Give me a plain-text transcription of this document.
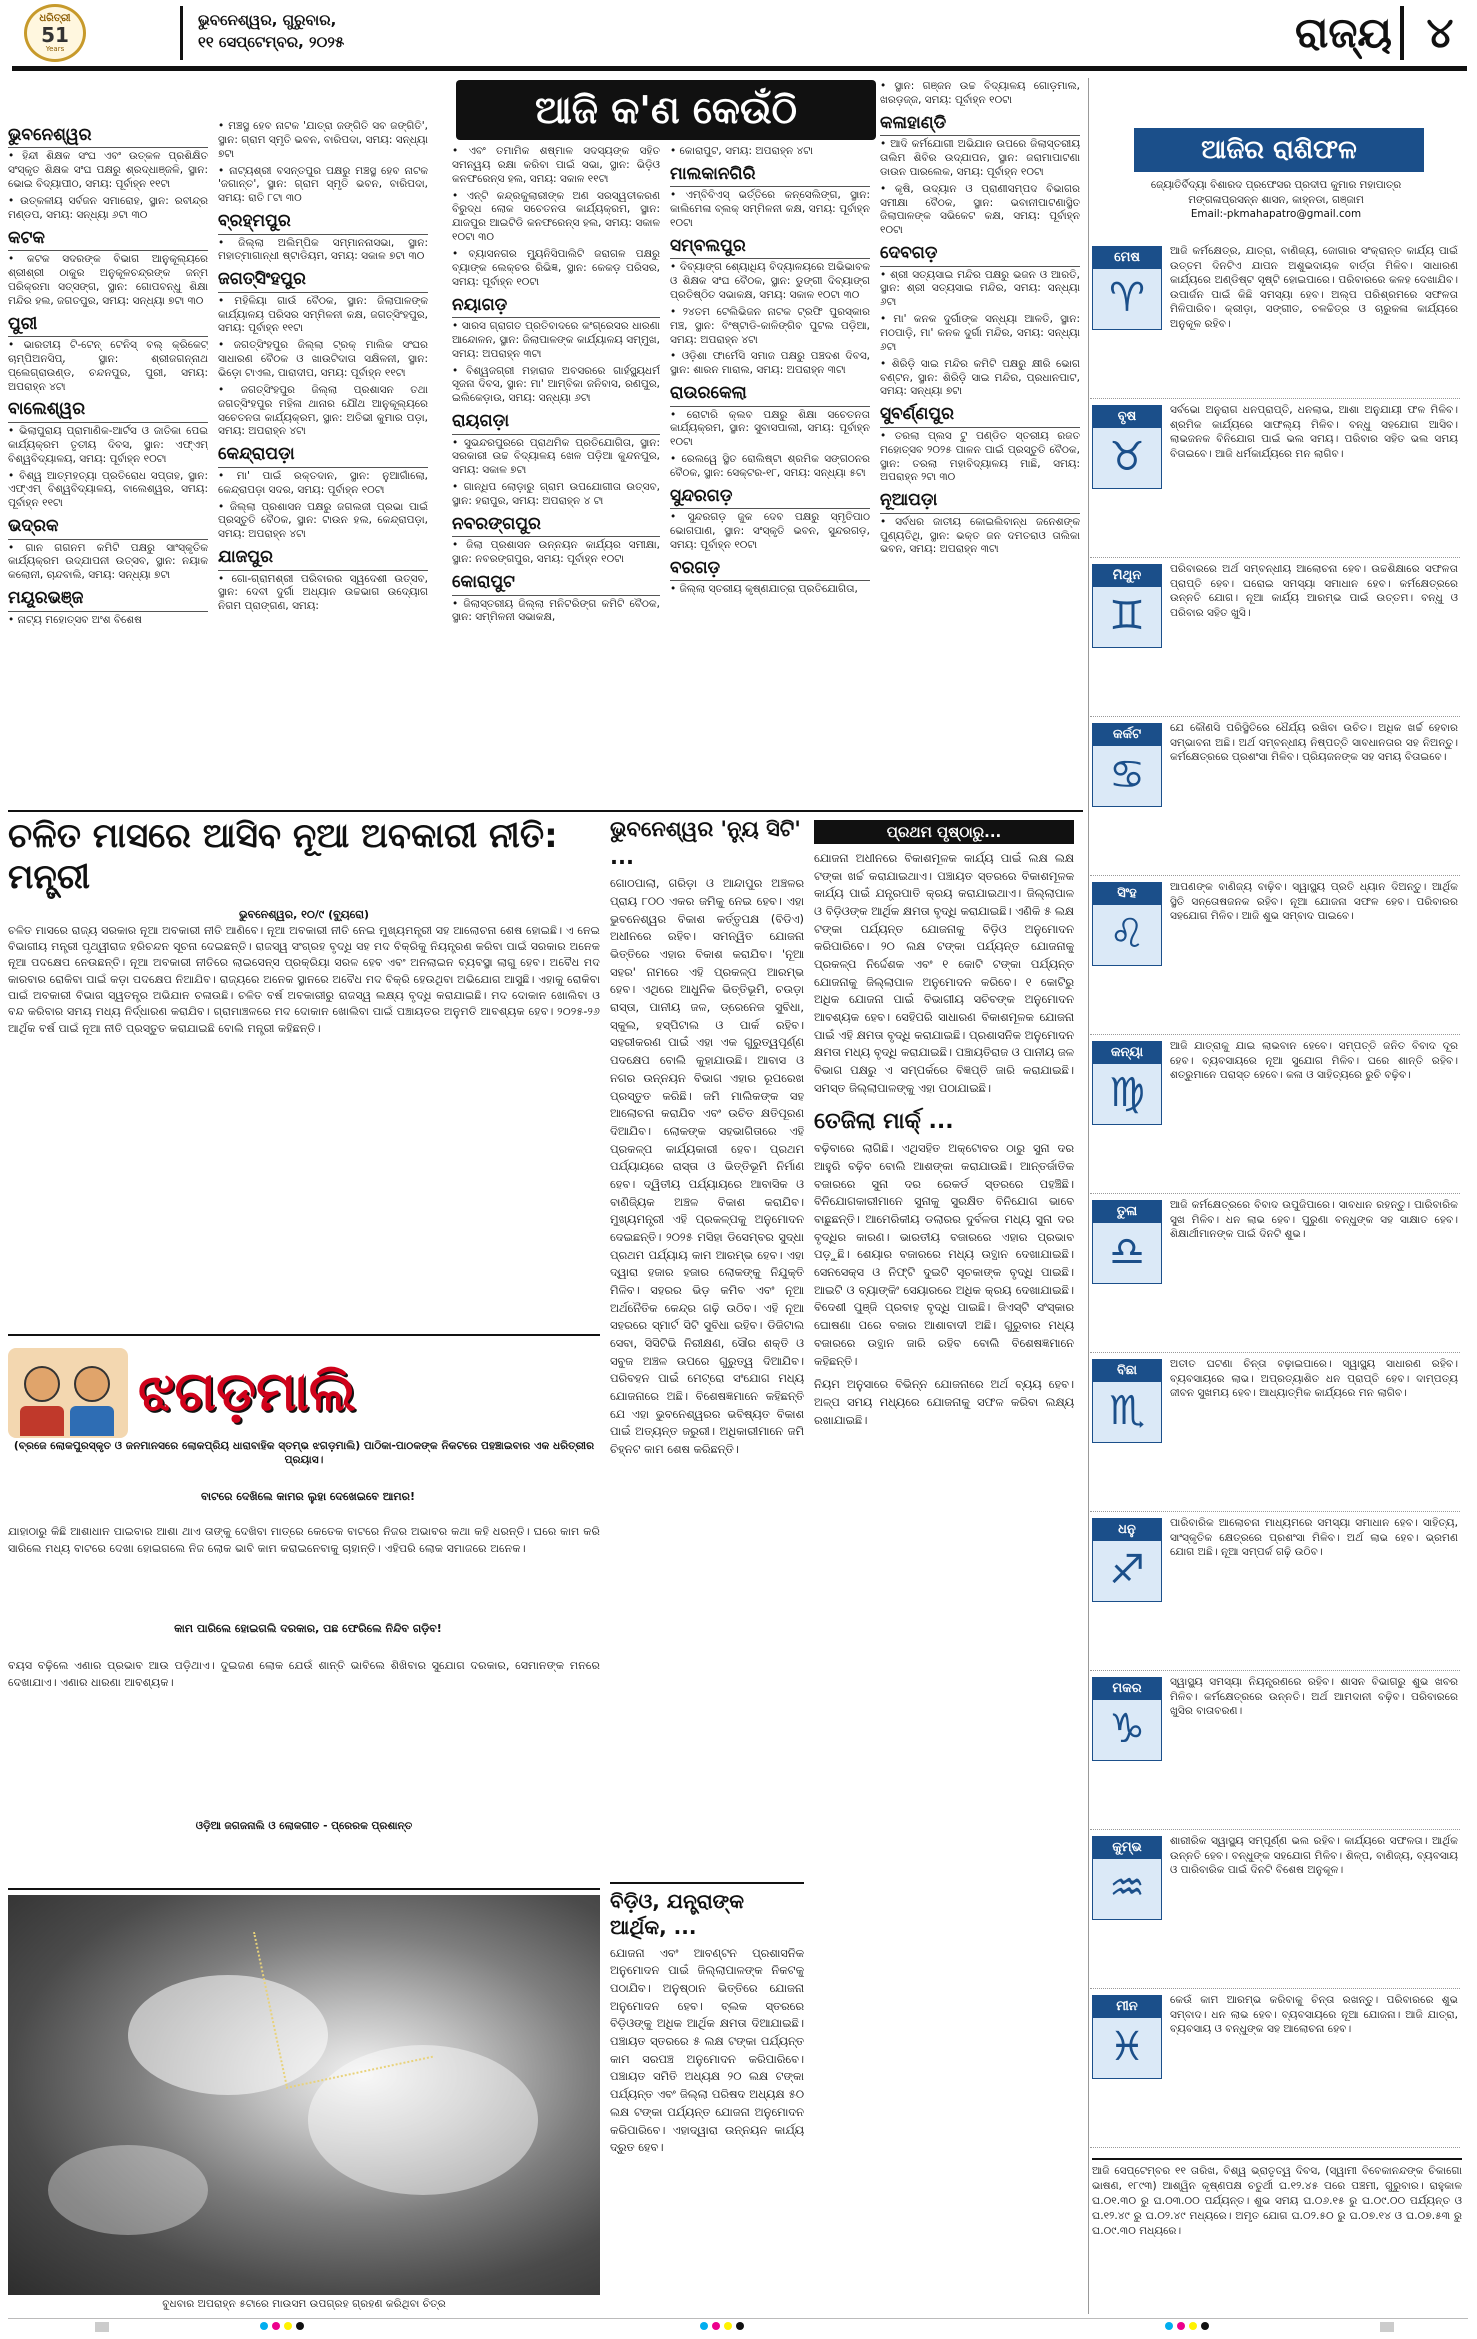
ଧରିତ୍ରୀ
51
Years
ଭୁବନେଶ୍ୱର, ଗୁରୁବାର,
୧୧ ସେପ୍ଟେମ୍ବର, ୨୦୨୫	ରାଜ୍ୟ ୪
ଆଜି କ'ଣ କେଉଁଠି
ଭୁବନେଶ୍ୱର
• ହିନ୍ଦୀ ଶିକ୍ଷକ ସଂଘ ଏବଂ ଉତ୍କଳ ପ୍ରଶିକ୍ଷିତ ସଂସ୍କୃତ ଶିକ୍ଷକ ସଂଘ ପକ୍ଷରୁ ଶ୍ରଦ୍ଧାଞ୍ଜଳି, ସ୍ଥାନ: ଭୋଇ ବିଦ୍ୟାପୀଠ, ସମୟ: ପୂର୍ବାହ୍ନ ୧୧ଟା
• ଉତ୍କଳୀୟ ସର୍ବଜନ ସମାରୋହ, ସ୍ଥାନ: ରବୀନ୍ଦ୍ର ମଣ୍ଡପ, ସମୟ: ସନ୍ଧ୍ୟା ୬ଟା ୩୦
କଟକ
• କଟକ ସଦରଙ୍କ ବିଭାଗ ଆନୁକୂଲ୍ୟରେ ଶ୍ରୀଶ୍ରୀ ଠାକୁର ଅନୁକୂଳଚନ୍ଦ୍ରଙ୍କ ଜନ୍ମ ପରିକ୍ରମା ସତ୍ସଙ୍ଗ, ସ୍ଥାନ: ଗୋପବନ୍ଧୁ ଶିକ୍ଷା ମନ୍ଦିର ହଲ, ଜଗତପୁର, ସମୟ: ସନ୍ଧ୍ୟା ୭ଟା ୩୦
ପୁରୀ
• ଭାରତୀୟ ଟି-ଟେନ୍ ଟେନିସ୍ ବଲ୍ କ୍ରିକେଟ୍ ଚାମ୍ପିଅନସିପ୍, ସ୍ଥାନ: ଶ୍ରୀଜଗନ୍ନାଥ ପ୍ଲେଗ୍ରାଉଣ୍ଡ, ଚନ୍ଦନପୁର, ପୁରୀ, ସମୟ: ଅପରାହ୍ନ ୪ଟା
ବାଲେଶ୍ୱର
• ଭିଲାପୁରାୟ ପ୍ରାମାଣିକ-ଆର୍ଟସ ଓ ଜାତିକା ପେଇ କାର୍ଯ୍ୟକ୍ରମ ତୃତୀୟ ଦିବସ, ସ୍ଥାନ: ଏଫ୍‌ଏମ୍ ବିଶ୍ୱବିଦ୍ୟାଳୟ, ସମୟ: ପୂର୍ବାହ୍ନ ୧୦ଟା
• ବିଶ୍ୱ ଆତ୍ମହତ୍ୟା ପ୍ରତିରୋଧ ସପ୍ତାହ, ସ୍ଥାନ: ଏଫ୍‌ଏମ୍ ବିଶ୍ୱବିଦ୍ୟାଳୟ, ବାଲେଶ୍ୱର, ସମୟ: ପୂର୍ବାହ୍ନ ୧୧ଟା
ଭଦ୍ରକ
• ଗାନ ଗଗନମ କମିଟି ପକ୍ଷରୁ ସାଂସ୍କୃତିକ କାର୍ଯ୍ୟକ୍ରମ ଉଦ୍‌ଯାପନୀ ଉତ୍ସବ, ସ୍ଥାନ: ନୟାକ କଲୋନୀ, ଚାନ୍ଦବାଲି, ସମୟ: ସନ୍ଧ୍ୟା ୭ଟା
ମୟୂରଭଞ୍ଜ
• ନାଟ୍ୟ ମହୋତ୍ସବ ଅଂଶ ବିଶେଷ
• ମଞ୍ଚସ୍ଥ ହେବ ନାଟକ 'ଯାତ୍ରା ଜଙ୍ଗିତି ସବ ଜଙ୍ଗିତି', ସ୍ଥାନ: ଗ୍ରାମ ସ୍ମୃତି ଭବନ, ବାରିପଦା, ସମୟ: ସନ୍ଧ୍ୟା ୭ଟା
• ନାଟ୍ୟଶ୍ରୀ ବସନ୍ତପୁର ପକ୍ଷରୁ ମଞ୍ଚସ୍ଥ ହେବ ନାଟକ 'ଜଗାନ୍ତ', ସ୍ଥାନ: ଗ୍ରାମ ସ୍ମୃତି ଭବନ, ବାରିପଦା, ସମୟ: ରାତି ୮ଟା ୩୦
ବ୍ରହ୍ମପୁର
• ଜିଲ୍ଲା ଅଲିମ୍ପିକ ସମ୍ମାନନାସଭା, ସ୍ଥାନ: ମହାତ୍ମାଗାନ୍ଧୀ ଷ୍ଟାଡିୟମ, ସମୟ: ସକାଳ ୭ଟା ୩୦
ଜଗତ୍‌ସିଂହପୁର
• ମହିଳିୟା ଗାଉଁ ବୈଠକ, ସ୍ଥାନ: ଜିଲାପାଳଙ୍କ କାର୍ଯ୍ୟାଳୟ ପରିସର ସମ୍ମିଳନୀ କକ୍ଷ, ଜଗତ୍‌ସିଂହପୁର, ସମୟ: ପୂର୍ବାହ୍ନ ୧୧ଟା
• ଜଗତ୍‌ସିଂହପୁର ଜିଲ୍ଲା ଟ୍ରକ୍ ମାଲିକ ସଂଘର ସାଧାରଣ ବୈଠକ ଓ ଖାଉଟିଦାତା ସକ୍ଷିଳନୀ, ସ୍ଥାନ: ଭିଡ଼ୋ ଟାଏଲ, ପାରାଦୀପ, ସମୟ: ପୂର୍ବାହ୍ନ ୧୧ଟା
• ଜଗତ୍‌ସିଂହପୁର ଜିଲ୍ଲା ପ୍ରଶାସନ ତଥା ଜଗତ୍‌ସିଂହପୁର ମହିଳା ଥାନାର ଯୌଥ ଆନୁକୂଲ୍ୟରେ ସଚେତନତା କାର୍ଯ୍ୟକ୍ରମ, ସ୍ଥାନ: ଅତିଭୀ କୁମାର ପଡ଼ା, ସମୟ: ଅପରାହ୍ନ ୪ଟା
କେନ୍ଦ୍ରାପଡ଼ା
• ମା' ପାଇଁ ରକ୍ତଦାନ, ସ୍ଥାନ: ନୁଆଗାଁଲୋ, କେନ୍ଦ୍ରାପଡ଼ା ସଦର, ସମୟ: ପୂର୍ବାହ୍ନ ୧୦ଟା
• ଜିଲ୍ଲା ପ୍ରଶାସନ ପକ୍ଷରୁ ଜଗଲଜୀ ପ୍ରଭା ପାଇଁ ପ୍ରସ୍ତୁତି ବୈଠକ, ସ୍ଥାନ: ଟାଉନ ହଲ, କେନ୍ଦ୍ରାପଡ଼ା, ସମୟ: ଅପରାହ୍ନ ୪ଟା
ଯାଜପୁର
• ଗୋ-ଗ୍ରାମଶ୍ରୀ ପରିବାରର ସ୍ୱଦେଶୀ ଉତ୍ସବ, ସ୍ଥାନ: ଦେବୀ ଦୁର୍ଗା ଅଧ୍ୟାନ ଉଚ୍ଚଭାଗ ଉଦ୍ୟୋଗ ନିଗମ ପ୍ରାଙ୍ଗଣ, ସମୟ:
• ଏବଂ ତମାମିକ ଶଷ୍ମାଳ ସଦସ୍ୟଙ୍କ ସହିତ ସମନ୍ୱୟ ରକ୍ଷା କରିବା ପାଇଁ ସଭା, ସ୍ଥାନ: ଭିଡ଼ିଓ କନଫରେନ୍ସ ହଲ, ସମୟ: ସକାଳ ୧୧ଟା
• ଏନ୍‌ଟି କନ୍ଦ୍ରକୁଲାରୀଙ୍କ ଅଣ ସରସ୍ୱତୀକରଣ ବିରୁଦ୍ଧ ଲୋକ ସଚେତନତା କାର୍ଯ୍ୟକ୍ରମ, ସ୍ଥାନ: ଯାଜପୁର ଆଇଟିଡି କନଫରେନ୍ସ ହଲ, ସମୟ: ସକାଳ ୧୦ଟା ୩୦
• ବ୍ୟାସନଗର ମ୍ୟୁନିସିପାଲିଟି ଜରାଗଳ ପକ୍ଷରୁ ବ୍ୟାଙ୍କ ଲେକ୍ଚର ରିଭିଜ୍ଞ, ସ୍ଥାନ: କେକଡ଼ ପରିସର, ସମୟ: ପୂର୍ବାହ୍ନ ୧୦ଟା
ନୟାଗଡ଼
• ସାରସ ଗ୍ରାଗତ ପ୍ରତିବାଦରେ କଂଗ୍ରେସର ଧାରଣା ଆନ୍ଦୋଳନ, ସ୍ଥାନ: ଜିଲାପାଳଙ୍କ କାର୍ଯ୍ୟାଳୟ ସମ୍ମୁଖ, ସମୟ: ଅପରାହ୍ନ ୩ଟା
• ବିଶ୍ୱଜଗ୍ରୀ ମହାରାଜ ଅବସରରେ ଗାର୍ହସ୍ଥ୍ୟଧର୍ମ ସୃଜନା ଦିବସ, ସ୍ଥାନ: ମା' ଆମ୍ବିକା ଜନିବାସ, ରଣପୁର, ଇଲିକେଡ଼ାଉ, ସମୟ: ସନ୍ଧ୍ୟା ୬ଟା
ରାୟଗଡ଼ା
• ସୁଭନ୍ଦରପୁରରେ ପ୍ରାଥମିକ ପ୍ରତିଯୋଗିତା, ସ୍ଥାନ: ସରକାରୀ ଉଚ୍ଚ ବିଦ୍ୟାଳୟ ଖେଳ ପଡ଼ିଆ କୁନ୍ଦନପୁର, ସମୟ: ସକାଳ ୭ଟା
• ଗାନ୍ଧିପ ଲୋଡ଼ାରୁ ଗ୍ରାମ ଉପଯୋଗୀତା ଉତ୍ସବ, ସ୍ଥାନ: ହରାପୁର, ସମୟ: ଅପରାହ୍ନ ୪ ଟା
ନବରଙ୍ଗପୁର
• ଜିଲା ପ୍ରଶାସନ ଉନ୍ନୟନ କାର୍ଯ୍ୟର ସମୀକ୍ଷା, ସ୍ଥାନ: ନବରଙ୍ଗପୁର, ସମୟ: ପୂର୍ବାହ୍ନ ୧୦ଟା
କୋରାପୁଟ
• ଜିଲାସ୍ତରୀୟ ଜିଲ୍ଲା ମନିଟରିଙ୍ଗ କମିଟି ବୈଠକ, ସ୍ଥାନ: ସମ୍ମିଳନୀ ସଭାକକ୍ଷ,
• କୋରାପୁଟ, ସମୟ: ଅପରାହ୍ନ ୪ଟା
ମାଲକାନଗିରି
• ଏମ୍‌ବିବିଏସ୍ ଭର୍ତ୍ତିରେ କନ୍ସେଲିଙ୍ଗ, ସ୍ଥାନ: କାଲିମେଳା ବ୍ଲକ୍ ସମ୍ମିଳନୀ କକ୍ଷ, ସମୟ: ପୂର୍ବାହ୍ନ ୧୦ଟା
ସମ୍ବଲପୁର
• ଦିବ୍ୟାଙ୍ଗ ଶ୍ୟୋଧିୟ ବିଦ୍ୟାଳୟରେ ଅଭିଭାବକ ଓ ଶିକ୍ଷକ ସଂଘ ବୈଠକ, ସ୍ଥାନ: ଡୁଙ୍ଗୀ ଦିବ୍ୟାଙ୍ଗ ପ୍ରତିଷ୍ଠିତ ସଭାକକ୍ଷ, ସମୟ: ସକାଳ ୧୦ଟା ୩୦
• ୨୪ତମ ଟେଲିଭିଜନ ନାଟକ ଟ୍ରଫି ପୁରସ୍କାର ମଞ୍ଚ, ସ୍ଥାନ: ବିଂଷ୍ଟାଡି-କାଳିଙ୍ଗିବ ପୁଟଲ ପଡ଼ିଆ, ସମୟ: ଅପରାହ୍ନ ୪ଟା
• ଓଡ଼ିଶା ଫାର୍ମେସି ସମାଜ ପକ୍ଷରୁ ପଞ୍ଚଦଶ ଦିବସ, ସ୍ଥାନ: ଶାରନ ମାରାଲ, ସମୟ: ଅପରାହ୍ନ ୩ଟା
ରାଉରକେଲା
• ରୋଟାରି କ୍ଲବ ପକ୍ଷରୁ ଶିକ୍ଷା ସଚେତନତା କାର୍ଯ୍ୟକ୍ରମ, ସ୍ଥାନ: ସୁବାସପାଲୀ, ସମୟ: ପୂର୍ବାହ୍ନ ୧୦ଟା
• ରେଲୱେ ସ୍ଥିତ ରୋଲିଷ୍ଟା ଶ୍ରମିକ ସଙ୍ଗଠନର ବୈଠକ, ସ୍ଥାନ: ସେକ୍ଟର-୧୮, ସମୟ: ସନ୍ଧ୍ୟା ୫ଟା
ସୁନ୍ଦରଗଡ଼
• ସୁନ୍ଦରଗଡ଼ ଜୁକ ଦେବ ପକ୍ଷରୁ ସ୍ମୃତିପାଠ ଭୋଗପାଣ, ସ୍ଥାନ: ସଂସ୍କୃତି ଭବନ, ସୁନ୍ଦରଗଡ଼, ସମୟ: ପୂର୍ବାହ୍ନ ୧୦ଟା
ବରଗଡ଼
• ଜିଲ୍ଲା ସ୍ତରୀୟ କୃଷ୍ଣଯାତ୍ରା ପ୍ରତିଯୋଗିତା,
• ସ୍ଥାନ: ଗଞ୍ଜନ ଉଚ୍ଚ ବିଦ୍ୟାଳୟ ଗୋଡ଼ମାଲ, ଖରଡ଼ଜ୍ଜ, ସମୟ: ପୂର୍ବାହ୍ନ ୧୦ଟା
କଳାହାଣ୍ଡି
• ଆଦି କର୍ମଯୋଗୀ ଅଭିଯାନ ଉପରେ ଜିଲାସ୍ତରୀୟ ତାଲିମ ଶିବିର ଉଦ୍‌ଯାପନ, ସ୍ଥାନ: ଜରାମାପାଟଣା ଡାଉନ ପାରଲେକ, ସମୟ: ପୂର୍ବାହ୍ନ ୧୦ଟା
• କୃଷି, ଉଦ୍ୟାନ ଓ ପ୍ରାଣୀସମ୍ପଦ ବିଭାଗର ସମୀକ୍ଷା ବୈଠକ, ସ୍ଥାନ: ଭବାନୀପାଟଣାସ୍ଥିତ ଜିଲାପାଳଙ୍କ ସଭିକେଟ କକ୍ଷ, ସମୟ: ପୂର୍ବାହ୍ନ ୧୦ଟା
ଦେବଗଡ଼
• ଶ୍ରୀ ସତ୍ୟସାଇ ମନ୍ଦିର ପକ୍ଷରୁ ଭଜନ ଓ ଆରତି, ସ୍ଥାନ: ଶ୍ରୀ ସତ୍ୟସାଇ ମନ୍ଦିର, ସମୟ: ସନ୍ଧ୍ୟା ୬ଟା
• ମା' କନକ ଦୁର୍ଗାଙ୍କ ସନ୍ଧ୍ୟା ଆଳତି, ସ୍ଥାନ: ମଠପାଡ଼ି, ମା' କନକ ଦୁର୍ଗା ମନ୍ଦିର, ସମୟ: ସନ୍ଧ୍ୟା ୬ଟା
• ଶିରିଡ଼ି ସାଇ ମନ୍ଦିର କମିଟି ପକ୍ଷରୁ କ୍ଷୀରି ଭୋଗ ବଣ୍ଟନ, ସ୍ଥାନ: ଶିରିଡ଼ି ସାଇ ମନ୍ଦିର, ପ୍ରଧାନପାଟ, ସମୟ: ସନ୍ଧ୍ୟା ୭ଟା
ସୁବର୍ଣ୍ଣପୁର
• ତରଲା ପ୍ଲସ ଟୁ ପଣ୍ଡିତ ସ୍ତରୀୟ ରଜତ ମହୋତ୍ସବ ୨୦୨୫ ପାଳନ ପାଇଁ ପ୍ରସ୍ତୁତି ବୈଠକ, ସ୍ଥାନ: ତରଲା ମହାବିଦ୍ୟାଳୟ ମାଛି, ସମୟ: ଅପରାହ୍ନ ୨ଟା ୩୦
ନୂଆପଡ଼ା
• ସର୍ବଧର ଜାତୀୟ କୋଇଲିବାନ୍ଧ ଜନେଶଙ୍କ ପୁଣ୍ୟତିଥି, ସ୍ଥାନ: ଭକ୍ତ ଜନ ଦମତରାଓ ତାଲିକା ଭବନ, ସମୟ: ଅପରାହ୍ନ ୩ଟା
ଆଜିର ରାଶିଫଳ
ଜ୍ୟୋତିର୍ବିଦ୍ୟା ବିଶାରଦ ପ୍ରଫେସର ପ୍ରଦୀପ କୁମାର ମହାପାତ୍ର
ମଙ୍ଗଳାପ୍ରସନ୍ନ ଶାସନ, କାହ୍ନଡା, ଗଞ୍ଜାମ
Email:-pkmahapatro@gmail.com
ମେଷ
♈
ଆଜି କର୍ମକ୍ଷେତ୍ର, ଯାତ୍ରା, ବାଣିଜ୍ୟ, ଜୋଗାର ସଂକ୍ରାନ୍ତ କାର୍ଯ୍ୟ ପାଇଁ ଉତ୍ତମ ଦିନଟିଏ ଯାପନ ଅଶୁଭଦାୟକ ବାର୍ତ୍ତା ମିଳିବ। ସାଧାରଣ କାର୍ଯ୍ୟରେ ଅଣ୍ଡିଷ୍ଟ ସୃଷ୍ଟି ହୋଇପାରେ। ପରିବାରରେ କଳହ ଦେଖାଯିବ। ଉପାର୍ଜନ ପାଇଁ କିଛି ସମସ୍ୟା ହେବ। ଅଲ୍ପ ପରିଶ୍ରମରେ ସଫଳତା ମିଳିପାରିବ। କ୍ରୀଡ଼ା, ସଙ୍ଗୀତ, ଚଳଚ୍ଚିତ୍ର ଓ ଚାରୁକଳା କାର୍ଯ୍ୟରେ ଅନୁକୂଳ ରହିବ।
ବୃଷ
♉
ସର୍ବଭୋ ଅନୁରାଗ ଧନପ୍ରାପ୍ତି, ଧନଲାଭ, ଆଶା ଅନୁଯାୟୀ ଫଳ ମିଳିବ। ଶ୍ରମିକ କାର୍ଯ୍ୟରେ ସାଫଲ୍ୟ ମିଳିବ। ବନ୍ଧୁ ସହଯୋଗ ଆସିବ। ଲାଭଜନକ ବିନିଯୋଗ ପାଇଁ ଭଲ ସମୟ। ପରିବାର ସହିତ ଭଲ ସମୟ ବିତାଇବେ। ଆଜି ଧର୍ମକାର୍ଯ୍ୟରେ ମନ ଲାଗିବ।
ମିଥୁନ
♊
ପରିବାରରେ ଅର୍ଥ ସମ୍ବନ୍ଧୀୟ ଆଲୋଚନା ହେବ। ଉଚ୍ଚଶିକ୍ଷାରେ ସଫଳତା ପ୍ରାପ୍ତି ହେବ। ଘରୋଇ ସମସ୍ୟା ସମାଧାନ ହେବ। କର୍ମକ୍ଷେତ୍ରରେ ଉନ୍ନତି ଯୋଗ। ନୂଆ କାର୍ଯ୍ୟ ଆରମ୍ଭ ପାଇଁ ଉତ୍ତମ। ବନ୍ଧୁ ଓ ପରିବାର ସହିତ ଖୁସି।
କର୍କଟ
♋
ଯେ କୌଣସି ପରିସ୍ଥିତିରେ ଧୈର୍ଯ୍ୟ ରଖିବା ଉଚିତ। ଅଧିକ ଖର୍ଚ୍ଚ ହେବାର ସମ୍ଭାବନା ଅଛି। ଅର୍ଥ ସମ୍ବନ୍ଧୀୟ ନିଷ୍ପତ୍ତି ସାବଧାନତାର ସହ ନିଅନ୍ତୁ। କର୍ମକ୍ଷେତ୍ରରେ ପ୍ରଶଂସା ମିଳିବ। ପ୍ରିୟଜନଙ୍କ ସହ ସମୟ ବିତାଇବେ।
ସିଂହ
♌
ଆପଣଙ୍କ ବାଣିଜ୍ୟ ବାଢ଼ିବ। ସ୍ୱାସ୍ଥ୍ୟ ପ୍ରତି ଧ୍ୟାନ ଦିଅନ୍ତୁ। ଆର୍ଥିକ ସ୍ଥିତି ସନ୍ତୋଷଜନକ ରହିବ। ନୂଆ ଯୋଜନା ସଫଳ ହେବ। ପରିବାରର ସହଯୋଗ ମିଳିବ। ଆଜି ଶୁଭ ସମ୍ବାଦ ପାଇବେ।
କନ୍ୟା
♍
ଆଜି ଯାତ୍ରାକୁ ଯାଇ ଲାଭବାନ ହେବେ। ସମ୍ପତ୍ତି ଜନିତ ବିବାଦ ଦୂର ହେବ। ବ୍ୟବସାୟରେ ନୂଆ ସୁଯୋଗ ମିଳିବ। ଘରେ ଶାନ୍ତି ରହିବ। ଶତ୍ରୁମାନେ ପରାସ୍ତ ହେବେ। କଳା ଓ ସାହିତ୍ୟରେ ରୁଚି ବଢ଼ିବ।
ତୁଳା
♎
ଆଜି କର୍ମକ୍ଷେତ୍ରରେ ବିବାଦ ଉପୁଜିପାରେ। ସାବଧାନ ରହନ୍ତୁ। ପାରିବାରିକ ସୁଖ ମିଳିବ। ଧନ ଲାଭ ହେବ। ପୁରୁଣା ବନ୍ଧୁଙ୍କ ସହ ସାକ୍ଷାତ ହେବ। ଶିକ୍ଷାର୍ଥୀମାନଙ୍କ ପାଇଁ ଦିନଟି ଶୁଭ।
ବିଛା
♏
ଅତୀତ ଘଟଣା ଚିନ୍ତା ବଢ଼ାଇପାରେ। ସ୍ୱାସ୍ଥ୍ୟ ସାଧାରଣ ରହିବ। ବ୍ୟବସାୟରେ ଲାଭ। ଅପ୍ରତ୍ୟାଶିତ ଧନ ପ୍ରାପ୍ତି ହେବ। ଦାମ୍ପତ୍ୟ ଜୀବନ ସୁଖମୟ ହେବ। ଆଧ୍ୟାତ୍ମିକ କାର୍ଯ୍ୟରେ ମନ ଲାଗିବ।
ଧନୁ
♐
ପାରିବାରିକ ଆଲୋଚନା ମାଧ୍ୟମରେ ସମସ୍ୟା ସମାଧାନ ହେବ। ସାହିତ୍ୟ, ସାଂସ୍କୃତିକ କ୍ଷେତ୍ରରେ ପ୍ରଶଂସା ମିଳିବ। ଅର୍ଥ ଲାଭ ହେବ। ଭ୍ରମଣ ଯୋଗ ଅଛି। ନୂଆ ସମ୍ପର୍କ ଗଢ଼ି ଉଠିବ।
ମକର
♑
ସ୍ୱାସ୍ଥ୍ୟ ସମସ୍ୟା ନିୟନ୍ତ୍ରଣରେ ରହିବ। ଶାସନ ବିଭାଗରୁ ଶୁଭ ଖବର ମିଳିବ। କର୍ମକ୍ଷେତ୍ରରେ ଉନ୍ନତି। ଅର୍ଥ ଆମଦାନୀ ବଢ଼ିବ। ପରିବାରରେ ଖୁସିର ବାତାବରଣ।
କୁମ୍ଭ
♒
ଶାରୀରିକ ସ୍ୱାସ୍ଥ୍ୟ ସମ୍ପୂର୍ଣ୍ଣ ଭଲ ରହିବ। କାର୍ଯ୍ୟରେ ସଫଳତା। ଆର୍ଥିକ ଉନ୍ନତି ହେବ। ବନ୍ଧୁଙ୍କ ସହଯୋଗ ମିଳିବ। ଶିଳ୍ପ, ବାଣିଜ୍ୟ, ବ୍ୟବସାୟ ଓ ପାରିବାରିକ ପାଇଁ ଦିନଟି ବିଶେଷ ଅନୁକୂଳ।
ମୀନ
♓
କେଉଁ କାମ ଆରମ୍ଭ କରିବାକୁ ଚିନ୍ତା ରଖନ୍ତୁ। ପରିବାରରେ ଶୁଭ ସମ୍ବାଦ। ଧନ ଲାଭ ହେବ। ବ୍ୟବସାୟରେ ନୂଆ ଯୋଜନା। ଆଜି ଯାତ୍ରା, ବ୍ୟବସାୟ ଓ ବନ୍ଧୁଙ୍କ ସହ ଆଲୋଚନା ହେବ।
ଆଜି ସେପ୍ଟେମ୍ବର ୧୧ ତାରିଖ, ବିଶ୍ୱ ଭ୍ରାତୃତ୍ୱ ଦିବସ, (ସ୍ୱାମୀ ବିବେକାନନ୍ଦଙ୍କ ଚିକାଗୋ ଭାଷଣ, ୧୮୯୩) ଆଶ୍ୱିନ କୃଷ୍ଣପକ୍ଷ ଚତୁର୍ଥୀ ଘ.୧୨.୪୫ ପରେ ପଞ୍ଚମୀ, ଗୁରୁବାର। ରାହୁକାଳ ଘ.୦୧.୩୦ ରୁ ଘ.୦୩.୦୦ ପର୍ଯ୍ୟନ୍ତ। ଶୁଭ ସମୟ ଘ.୦୬.୧୫ ରୁ ଘ.୦୯.୦୦ ପର୍ଯ୍ୟନ୍ତ ଓ ଘ.୧୨.୪୯ ରୁ ଘ.୦୨.୪୯ ମଧ୍ୟରେ। ଅମୃତ ଯୋଗ ଘ.୦୨.୫୦ ରୁ ଘ.୦୭.୧୪ ଓ ଘ.୦୭.୫୩ ରୁ ଘ.୦୯.୩୦ ମଧ୍ୟରେ।
ଚଳିତ ମାସରେ ଆସିବ ନୂଆ ଅବକାରୀ ନୀତି: ମନ୍ତ୍ରୀ
ଭୁବନେଶ୍ୱର, ୧୦/୯ (ବ୍ୟୁରୋ)
ଚଳିତ ମାସରେ ରାଜ୍ୟ ସରକାର ନୂଆ ଅବକାରୀ ନୀତି ଆଣିବେ। ନୂଆ ଅବକାରୀ ନୀତି ନେଇ ମୁଖ୍ୟମନ୍ତ୍ରୀ ସହ ଆଲୋଚନା ଶେଷ ହୋଇଛି। ଏ ନେଇ ବିଭାଗୀୟ ମନ୍ତ୍ରୀ ପୃଥ୍ୱୀରାଜ ହରିଚନ୍ଦନ ସୂଚନା ଦେଇଛନ୍ତି। ରାଜସ୍ୱ ସଂଗ୍ରହ ବୃଦ୍ଧି ସହ ମଦ ବିକ୍ରିକୁ ନିୟନ୍ତ୍ରଣ କରିବା ପାଇଁ ସରକାର ଅନେକ ନୂଆ ପଦକ୍ଷେପ ନେଉଛନ୍ତି। ନୂଆ ଅବକାରୀ ନୀତିରେ ଲାଇସେନ୍ସ ପ୍ରକ୍ରିୟା ସରଳ ହେବ ଏବଂ ଅନଲାଇନ ବ୍ୟବସ୍ଥା ଲାଗୁ ହେବ। ଅବୈଧ ମଦ କାରବାର ରୋକିବା ପାଇଁ କଡ଼ା ପଦକ୍ଷେପ ନିଆଯିବ। ରାଜ୍ୟରେ ଅନେକ ସ୍ଥାନରେ ଅବୈଧ ମଦ ବିକ୍ରି ହେଉଥିବା ଅଭିଯୋଗ ଆସୁଛି। ଏହାକୁ ରୋକିବା ପାଇଁ ଅବକାରୀ ବିଭାଗ ସ୍ୱତନ୍ତ୍ର ଅଭିଯାନ ଚଳାଉଛି। ଚଳିତ ବର୍ଷ ଅବକାରୀରୁ ରାଜସ୍ୱ ଲକ୍ଷ୍ୟ ବୃଦ୍ଧି କରାଯାଇଛି। ମଦ ଦୋକାନ ଖୋଲିବା ଓ ବନ୍ଦ କରିବାର ସମୟ ମଧ୍ୟ ନିର୍ଦ୍ଧାରଣ କରାଯିବ। ଗ୍ରାମାଞ୍ଚଳରେ ମଦ ଦୋକାନ ଖୋଲିବା ପାଇଁ ପଞ୍ଚାୟତର ଅନୁମତି ଆବଶ୍ୟକ ହେବ। ୨୦୨୫-୨୬ ଆର୍ଥିକ ବର୍ଷ ପାଇଁ ନୂଆ ନୀତି ପ୍ରସ୍ତୁତ କରାଯାଇଛି ବୋଲି ମନ୍ତ୍ରୀ କହିଛନ୍ତି।
ଝଗଡ଼ମାଲି
(ବ୍ରଜେ ଲୋକପୁରସ୍କୃତ ଓ ଜନମାନସରେ ଲୋକପ୍ରିୟ ଧାରାବାହିକ ସ୍ତମ୍ଭ ଝଗଡ଼ମାଲି) ପାଠିକା-ପାଠକଙ୍କ ନିକଟରେ ପହଞ୍ଚାଇବାର ଏକ ଧରିତ୍ରୀର ପ୍ରୟାସ।
ବାଟରେ ଦେଖିଲେ କାମର ଲୁହା ଦେଖେଇବେ ଆମର!
ଯାହାଠାରୁ କିଛି ଆଶାଧାନ ପାଇବାର ଆଶା ଥାଏ ତାଙ୍କୁ ଦେଖିବା ମାତ୍ରେ କେତେକ ବାଟରେ ନିଜର ଅଭାବର କଥା କହି ଧରନ୍ତି। ଘରେ କାମ କରି ସାରିଲେ ମଧ୍ୟ ବାଟରେ ଦେଖା ହୋଇଗଲେ ନିଜ ଲୋକ ଭାବି କାମ କରାଇନେବାକୁ ଚାହାନ୍ତି। ଏହିପରି ଲୋକ ସମାଜରେ ଅନେକ।
କାମ ପାରିଲେ ହୋଇଗଲି ଦରକାର, ପଛ ଫେରିଲେ ନିନ୍ଦିବ ଗଡ଼ିବ!
ବୟସ ବଢ଼ିଲେ ଏଣାର ପ୍ରଭାବ ଆଉ ପଡ଼ିଥାଏ। ଦୁଇଜଣ ଲୋକ ଯେଉଁ ଶାନ୍ତି ଭାବିଲେ ଶିଖିବାର ସୁଯୋଗ ଦରକାର, ସେମାନଙ୍କ ମନରେ ଦେଖାଯାଏ। ଏଣାର ଧାରଣା ଆବଶ୍ୟକ।
ଓଡ଼ିଆ ଜଗଜନାଲି ଓ ଲୋକଗୀତ - ପ୍ରେରକ ପ୍ରଶାନ୍ତ
ବୁଧବାର ଅପରାହ୍ନ ୫ଟାରେ ମାଉସମ ଉପଗ୍ରହ ଗ୍ରହଣ କରିଥିବା ଚିତ୍ର
ଭୁବନେଶ୍ୱର 'ନ୍ୟୁ ସିଟି' ...
ଗୋଠପାଲା, ଗରିଡ଼ା ଓ ଆନ୍ଦାପୁର ଅଞ୍ଚଳର ପ୍ରାୟ ୮୦୦ ଏକର ଜମିକୁ ନେଇ ହେବ। ଏହା ଭୁବନେଶ୍ୱର ବିକାଶ କର୍ତ୍ତୃପକ୍ଷ (ବିଡିଏ) ଅଧୀନରେ ରହିବ। ସମନ୍ୱିତ ଯୋଜନା ଭିତ୍ତିରେ ଏହାର ବିକାଶ କରାଯିବ। 'ନୂଆ ସହର' ନାମରେ ଏହି ପ୍ରକଳ୍ପ ଆରମ୍ଭ ହେବ। ଏଥିରେ ଆଧୁନିକ ଭିତ୍ତିଭୂମି, ଚଉଡ଼ା ରାସ୍ତା, ପାନୀୟ ଜଳ, ଡ୍ରେନେଜ ସୁବିଧା, ସ୍କୁଲ, ହସ୍ପିଟାଲ ଓ ପାର୍କ ରହିବ। ସହରୀକରଣ ପାଇଁ ଏହା ଏକ ଗୁରୁତ୍ୱପୂର୍ଣ୍ଣ ପଦକ୍ଷେପ ବୋଲି କୁହାଯାଉଛି। ଆବାସ ଓ ନଗର ଉନ୍ନୟନ ବିଭାଗ ଏହାର ରୂପରେଖ ପ୍ରସ୍ତୁତ କରିଛି। ଜମି ମାଲିକଙ୍କ ସହ ଆଲୋଚନା କରାଯିବ ଏବଂ ଉଚିତ କ୍ଷତିପୂରଣ ଦିଆଯିବ। ଲୋକଙ୍କ ସହଭାଗିତାରେ ଏହି ପ୍ରକଳ୍ପ କାର୍ଯ୍ୟକାରୀ ହେବ। ପ୍ରଥମ ପର୍ଯ୍ୟାୟରେ ରାସ୍ତା ଓ ଭିତ୍ତିଭୂମି ନିର୍ମାଣ ହେବ। ଦ୍ୱିତୀୟ ପର୍ଯ୍ୟାୟରେ ଆବାସିକ ଓ ବାଣିଜ୍ୟିକ ଅଞ୍ଚଳ ବିକାଶ କରାଯିବ। ମୁଖ୍ୟମନ୍ତ୍ରୀ ଏହି ପ୍ରକଳ୍ପକୁ ଅନୁମୋଦନ ଦେଇଛନ୍ତି। ୨୦୨୫ ମସିହା ଡିସେମ୍ବର ସୁଦ୍ଧା ପ୍ରଥମ ପର୍ଯ୍ୟାୟ କାମ ଆରମ୍ଭ ହେବ। ଏହା ଦ୍ୱାରା ହଜାର ହଜାର ଲୋକଙ୍କୁ ନିଯୁକ୍ତି ମିଳିବ। ସହରର ଭିଡ଼ କମିବ ଏବଂ ନୂଆ ଅର୍ଥନୈତିକ କେନ୍ଦ୍ର ଗଢ଼ି ଉଠିବ। ଏହି ନୂଆ ସହରରେ ସ୍ମାର୍ଟ ସିଟି ସୁବିଧା ରହିବ। ଡିଜିଟାଲ ସେବା, ସିସିଟିଭି ନିରୀକ୍ଷଣ, ସୌର ଶକ୍ତି ଓ ସବୁଜ ଅଞ୍ଚଳ ଉପରେ ଗୁରୁତ୍ୱ ଦିଆଯିବ। ପରିବହନ ପାଇଁ ମେଟ୍ରୋ ସଂଯୋଗ ମଧ୍ୟ ଯୋଜନାରେ ଅଛି। ବିଶେଷଜ୍ଞମାନେ କହିଛନ୍ତି ଯେ ଏହା ଭୁବନେଶ୍ୱରର ଭବିଷ୍ୟତ ବିକାଶ ପାଇଁ ଅତ୍ୟନ୍ତ ଜରୁରୀ। ଅଧିକାରୀମାନେ ଜମି ଚିହ୍ନଟ କାମ ଶେଷ କରିଛନ୍ତି।
ବିଡ଼ିଓ, ଯନ୍ତ୍ରାଙ୍କ ଆର୍ଥିକ, ...
ଯୋଜନା ଏବଂ ଆବଣ୍ଟନ ପ୍ରଶାସନିକ ଅନୁମୋଦନ ପାଇଁ ଜିଲ୍ଲାପାଳଙ୍କ ନିକଟକୁ ପଠାଯିବ। ଅନୁଷ୍ଠାନ ଭିତ୍ତିରେ ଯୋଜନା ଅନୁମୋଦନ ହେବ। ବ୍ଲକ ସ୍ତରରେ ବିଡ଼ିଓଙ୍କୁ ଅଧିକ ଆର୍ଥିକ କ୍ଷମତା ଦିଆଯାଇଛି। ପଞ୍ଚାୟତ ସ୍ତରରେ ୫ ଲକ୍ଷ ଟଙ୍କା ପର୍ଯ୍ୟନ୍ତ କାମ ସରପଞ୍ଚ ଅନୁମୋଦନ କରିପାରିବେ। ପଞ୍ଚାୟତ ସମିତି ଅଧ୍ୟକ୍ଷ ୨୦ ଲକ୍ଷ ଟଙ୍କା ପର୍ଯ୍ୟନ୍ତ ଏବଂ ଜିଲ୍ଲା ପରିଷଦ ଅଧ୍ୟକ୍ଷ ୫୦ ଲକ୍ଷ ଟଙ୍କା ପର୍ଯ୍ୟନ୍ତ ଯୋଜନା ଅନୁମୋଦନ କରିପାରିବେ। ଏହାଦ୍ୱାରା ଉନ୍ନୟନ କାର୍ଯ୍ୟ ଦ୍ରୁତ ହେବ।
ପ୍ରଥମ ପୃଷ୍ଠାରୁ...
ଯୋଜନା ଅଧୀନରେ ବିକାଶମୂଳକ କାର୍ଯ୍ୟ ପାଇଁ ଲକ୍ଷ ଲକ୍ଷ ଟଙ୍କା ଖର୍ଚ୍ଚ କରାଯାଇଥାଏ। ପଞ୍ଚାୟତ ସ୍ତରରେ ବିକାଶମୂଳକ କାର୍ଯ୍ୟ ପାଇଁ ଯନ୍ତ୍ରପାତି କ୍ରୟ କରାଯାଇଥାଏ। ଜିଲ୍ଲାପାଳ ଓ ବିଡ଼ିଓଙ୍କ ଆର୍ଥିକ କ୍ଷମତା ବୃଦ୍ଧି କରାଯାଇଛି। ଏଣିକି ୫ ଲକ୍ଷ ଟଙ୍କା ପର୍ଯ୍ୟନ୍ତ ଯୋଜନାକୁ ବିଡ଼ିଓ ଅନୁମୋଦନ କରିପାରିବେ। ୨୦ ଲକ୍ଷ ଟଙ୍କା ପର୍ଯ୍ୟନ୍ତ ଯୋଜନାକୁ ପ୍ରକଳ୍ପ ନିର୍ଦ୍ଦେଶକ ଏବଂ ୧ କୋଟି ଟଙ୍କା ପର୍ଯ୍ୟନ୍ତ ଯୋଜନାକୁ ଜିଲ୍ଲାପାଳ ଅନୁମୋଦନ କରିବେ। ୧ କୋଟିରୁ ଅଧିକ ଯୋଜନା ପାଇଁ ବିଭାଗୀୟ ସଚିବଙ୍କ ଅନୁମୋଦନ ଆବଶ୍ୟକ ହେବ। ସେହିପରି ସାଧାରଣ ବିକାଶମୂଳକ ଯୋଜନା ପାଇଁ ଏହି କ୍ଷମତା ବୃଦ୍ଧି କରାଯାଇଛି। ପ୍ରଶାସନିକ ଅନୁମୋଦନ କ୍ଷମତା ମଧ୍ୟ ବୃଦ୍ଧି କରାଯାଇଛି। ପଞ୍ଚାୟତିରାଜ ଓ ପାନୀୟ ଜଳ ବିଭାଗ ପକ୍ଷରୁ ଏ ସମ୍ପର୍କରେ ବିଜ୍ଞପ୍ତି ଜାରି କରାଯାଇଛି। ସମସ୍ତ ଜିଲ୍ଲାପାଳଙ୍କୁ ଏହା ପଠାଯାଇଛି।
ତେଜିଲା ମାର୍କ୍ ...
ବଢ଼ିବାରେ ଲାଗିଛି। ଏଥିସହିତ ଅକ୍ଟୋବର ଠାରୁ ସୁନା ଦର ଆହୁରି ବଢ଼ିବ ବୋଲି ଆଶଙ୍କା କରାଯାଉଛି। ଆନ୍ତର୍ଜାତିକ ବଜାରରେ ସୁନା ଦର ରେକର୍ଡ ସ୍ତରରେ ପହଞ୍ଚିଛି। ବିନିଯୋଗକାରୀମାନେ ସୁନାକୁ ସୁରକ୍ଷିତ ବିନିଯୋଗ ଭାବେ ବାଛୁଛନ୍ତି। ଆମେରିକୀୟ ଡଲାରର ଦୁର୍ବଳତା ମଧ୍ୟ ସୁନା ଦର ବୃଦ୍ଧିର କାରଣ। ଭାରତୀୟ ବଜାରରେ ଏହାର ପ୍ରଭାବ ପଡ଼ୁଛି। ଶେୟାର ବଜାରରେ ମଧ୍ୟ ଉତ୍ଥାନ ଦେଖାଯାଇଛି। ସେନସେକ୍ସ ଓ ନିଫ୍ଟି ଦୁଇଟି ସୂଚକାଙ୍କ ବୃଦ୍ଧି ପାଇଛି। ଆଇଟି ଓ ବ୍ୟାଙ୍କିଂ ସେୟାରରେ ଅଧିକ କ୍ରୟ ଦେଖାଯାଇଛି। ବିଦେଶୀ ପୁଞ୍ଜି ପ୍ରବାହ ବୃଦ୍ଧି ପାଇଛି। ଜିଏସ୍‌ଟି ସଂସ୍କାର ଘୋଷଣା ପରେ ବଜାର ଆଶାବାଦୀ ଅଛି। ଗୁରୁବାର ମଧ୍ୟ ବଜାରରେ ଉତ୍ଥାନ ଜାରି ରହିବ ବୋଲି ବିଶେଷଜ୍ଞମାନେ କହିଛନ୍ତି।
ନିୟମ ଅନୁସାରେ ବିଭିନ୍ନ ଯୋଜନାରେ ଅର୍ଥ ବ୍ୟୟ ହେବ। ଅଳ୍ପ ସମୟ ମଧ୍ୟରେ ଯୋଜନାକୁ ସଫଳ କରିବା ଲକ୍ଷ୍ୟ ରଖାଯାଇଛି।
